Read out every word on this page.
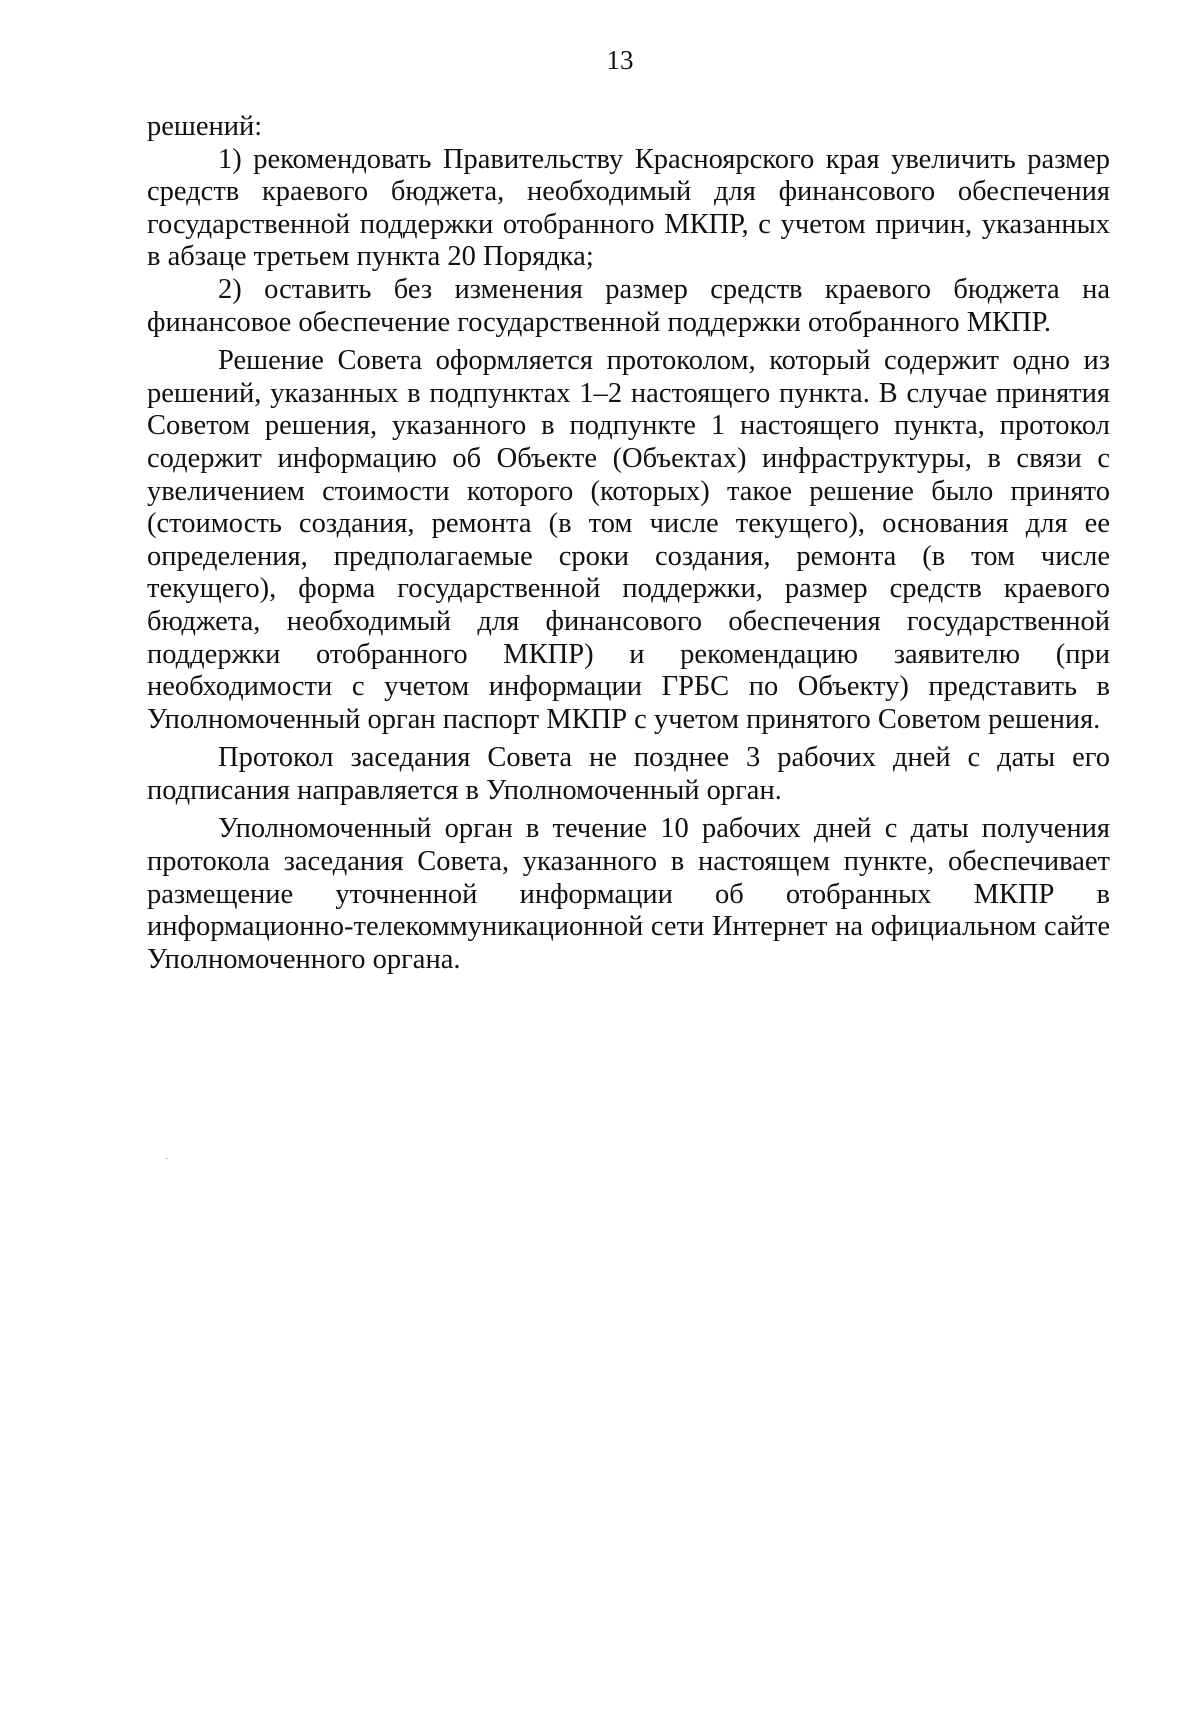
13

решений:

1) рекомендовать Правительству Красноярского края увеличить размер средств краевого бюджета, необходимый для финансового обеспечения государственной поддержки отобранного МКПР, с учетом причин, указанных в абзаце третьем пункта 20 Порядка;

2) оставить без изменения размер средств краевого бюджета на финансовое обеспечение государственной поддержки отобранного МКПР.

Решение Совета оформляется протоколом, который содержит одно из решений, указанных в подпунктах 1–2 настоящего пункта. В случае принятия Советом решения, указанного в подпункте 1 настоящего пункта, протокол содержит информацию об Объекте (Объектах) инфраструктуры, в связи с увеличением стоимости которого (которых) такое решение было принято (стоимость создания, ремонта (в том числе текущего), основания для ее определения, предполагаемые сроки создания, ремонта (в том числе текущего), форма государственной поддержки, размер средств краевого бюджета, необходимый для финансового обеспечения государственной поддержки отобранного МКПР) и рекомендацию заявителю (при необходимости с учетом информации ГРБС по Объекту) представить в Уполномоченный орган паспорт МКПР с учетом принятого Советом решения.

Протокол заседания Совета не позднее 3 рабочих дней с даты его подписания направляется в Уполномоченный орган.

Уполномоченный орган в течение 10 рабочих дней с даты получения протокола заседания Совета, указанного в настоящем пункте, обеспечивает размещение уточненной информации об отобранных МКПР в информационно-телекоммуникационной сети Интернет на официальном сайте Уполномоченного органа.
